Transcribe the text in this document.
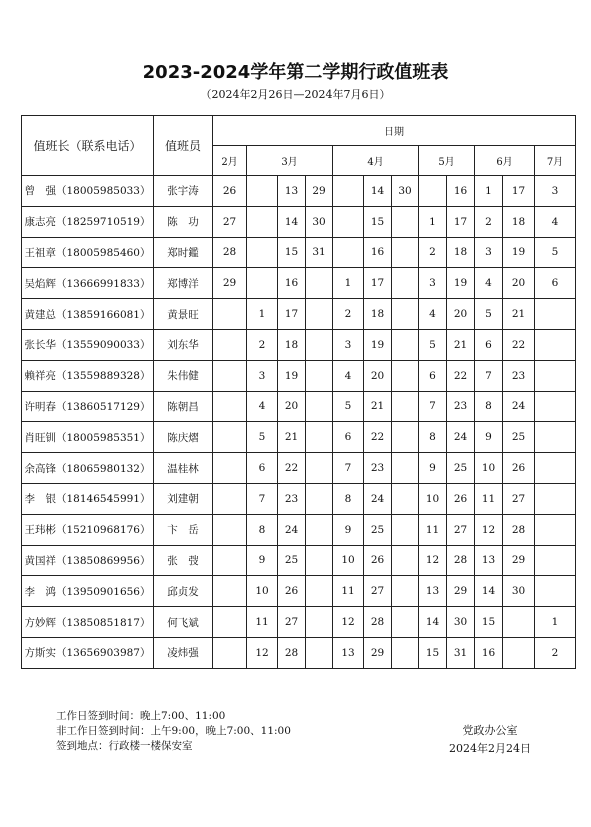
2023-2024学年第二学期行政值班表
（2024年2月26日—2024年7月6日）
值班长（联系电话）	值班员	日期											
		2月	3月			4月			5月		6月		7月
曾　强（18005985033）	张宇涛	26		13	29		14	30		16	1	17	3
康志亮（18259710519）	陈　功	27		14	30		15		1	17	2	18	4
王祖章（18005985460）	郑时鑑	28		15	31		16		2	18	3	19	5
吴焰辉（13666991833）	郑博洋	29		16		1	17		3	19	4	20	6
黄建总（13859166081）	黄景旺		1	17		2	18		4	20	5	21	
张长华（13559090033）	刘东华		2	18		3	19		5	21	6	22	
赖祥亮（13559889328）	朱伟健		3	19		4	20		6	22	7	23	
许明春（13860517129）	陈朝昌		4	20		5	21		7	23	8	24	
肖旺钏（18005985351）	陈庆熠		5	21		6	22		8	24	9	25	
余高锋（18065980132）	温桂林		6	22		7	23		9	25	10	26	
李　银（18146545991）	刘建朝		7	23		8	24		10	26	11	27	
王玮彬（15210968176）	卞　岳		8	24		9	25		11	27	12	28	
黄国祥（13850869956）	张　弢		9	25		10	26		12	28	13	29	
李　鸿（13950901656）	邱贞发		10	26		11	27		13	29	14	30	
方妙辉（13850851817）	何飞斌		11	27		12	28		14	30	15		1
方斯实（13656903987）	凌炜强		12	28		13	29		15	31	16		2
工作日签到时间：晚上7:00、11:00
非工作日签到时间：上午9:00，晚上7:00、11:00
签到地点：行政楼一楼保安室
党政办公室
2024年2月24日
